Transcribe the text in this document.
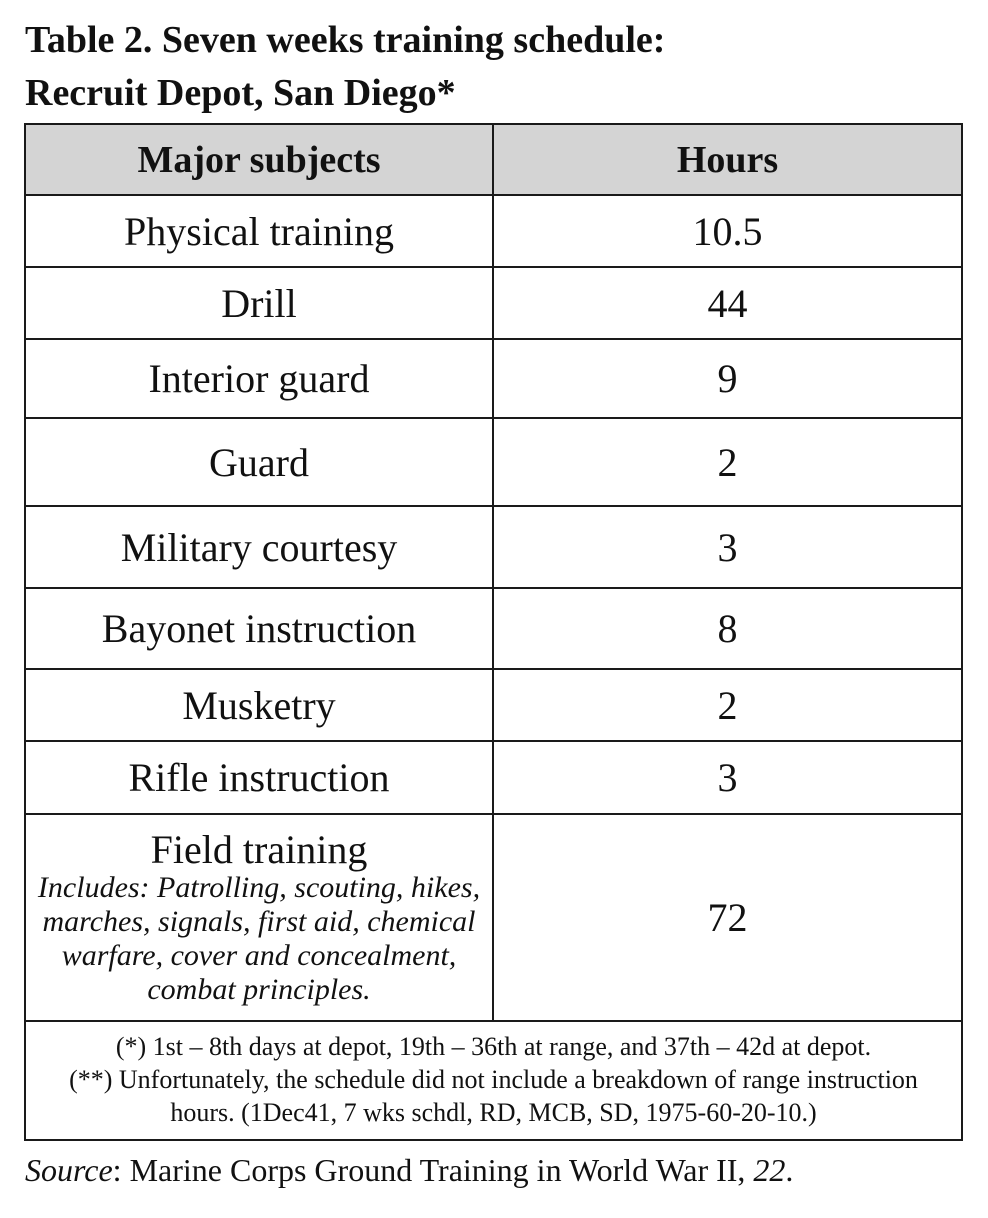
Table 2. Seven weeks training schedule:
Recruit Depot, San Diego*
Major subjects	Hours
Physical training	10.5
Drill	44
Interior guard	9
Guard	2
Military courtesy	3
Bayonet instruction	8
Musketry	2
Rifle instruction	3

Field training
Includes: Patrolling, scouting, hikes, marches, signals, first aid, chemical warfare, cover and concealment, combat principles.	72

(*) 1st – 8th days at depot, 19th – 36th at range, and 37th – 42d at depot.
(**) Unfortunately, the schedule did not include a breakdown of range instruction hours. (1Dec41, 7 wks schdl, RD, MCB, SD, 1975-60-20-10.)	

Source: Marine Corps Ground Training in World War II, 22.
